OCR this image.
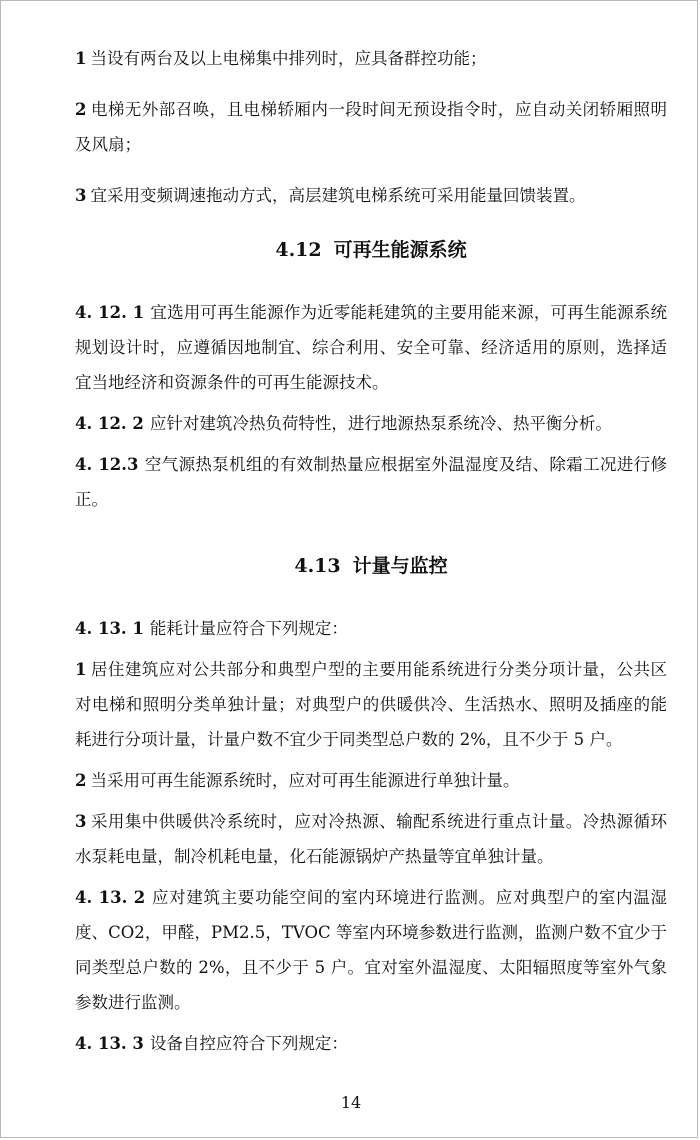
1 当设有两台及以上电梯集中排列时，应具备群控功能；

2 电梯无外部召唤，且电梯轿厢内一段时间无预设指令时，应自动关闭轿厢照明及风扇；

3 宜采用变频调速拖动方式，高层建筑电梯系统可采用能量回馈装置。

4.12 可再生能源系统

4. 12. 1 宜选用可再生能源作为近零能耗建筑的主要用能来源，可再生能源系统规划设计时，应遵循因地制宜、综合利用、安全可靠、经济适用的原则，选择适宜当地经济和资源条件的可再生能源技术。

4. 12. 2 应针对建筑冷热负荷特性，进行地源热泵系统冷、热平衡分析。

4. 12.3 空气源热泵机组的有效制热量应根据室外温湿度及结、除霜工况进行修正。

4.13 计量与监控

4. 13. 1 能耗计量应符合下列规定：

1 居住建筑应对公共部分和典型户型的主要用能系统进行分类分项计量，公共区对电梯和照明分类单独计量；对典型户的供暖供冷、生活热水、照明及插座的能耗进行分项计量，计量户数不宜少于同类型总户数的 2%，且不少于 5 户。

2 当采用可再生能源系统时，应对可再生能源进行单独计量。

3 采用集中供暖供冷系统时，应对冷热源、输配系统进行重点计量。冷热源循环水泵耗电量，制冷机耗电量，化石能源锅炉产热量等宜单独计量。

4. 13. 2 应对建筑主要功能空间的室内环境进行监测。应对典型户的室内温湿度、CO2，甲醛，PM2.5，TVOC 等室内环境参数进行监测，监测户数不宜少于同类型总户数的 2%，且不少于 5 户。宜对室外温湿度、太阳辐照度等室外气象参数进行监测。

4. 13. 3 设备自控应符合下列规定：

14
